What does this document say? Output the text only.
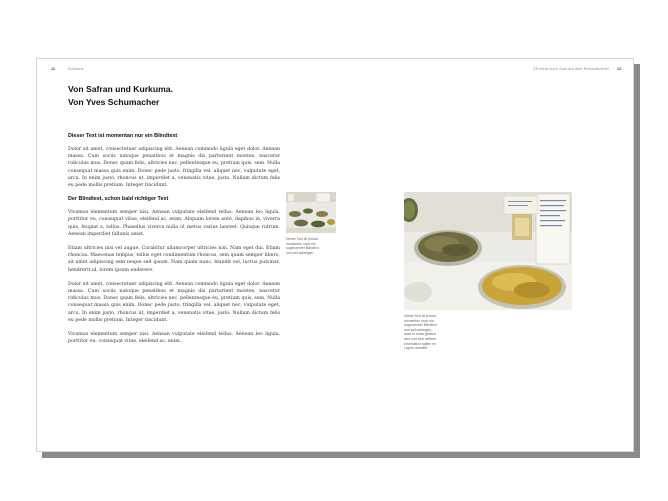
12	Kulinarik	Oft steht auch Salz auf dem Einkaufszettel 13
Von Safran und Kurkuma.
Von Yves Schumacher
Dieser Text ist momentan nur ein Blindtext

Dolor sit amet, consectetuer adipiscing elit. Aenean commodo ligula eget dolor. Aenean massa. Cum sociis natoque penatibus et magnis dis parturient montes, nascetur ridiculus mus. Donec quam felis, ultricies nec, pellentesque eu, pretium quis, sem. Nulla consequat massa quis enim. Donec pede justo, fringilla vel, aliquet nec, vulputate eget, arcu. In enim justo, rhoncus ut, imperdiet a, venenatis vitae, justo. Nullam dictum felis eu pede mollis pretium. Integer tincidunt.

Der Blindtext, schon bald richtiger Text

Vivamus elementum semper nisi. Aenean vulputate eleifend tellus. Aenean leo ligula, porttitor eu, consequat vitae, eleifend ac, enim. Aliquam lorem ante, dapibus in, viverra quis, feugiat a, tellus. Phasellus viverra nulla ut metus varius laoreet. Quisque rutrum. Aenean imperdiet fallunis amet.

Etiam ultricies nisi vel augue. Curabitur ullamcorper ultricies nisi. Nam eget dui. Etiam rhoncus. Maecenas tempus, tellus eget condimentum rhoncus, sem quam semper libero, sit amet adipiscing sem neque sed ipsum. Nam quam nunc, blandit vel, luctus pulvinar, hendrerit id, lorem ipsum enderere.

Dolor sit amet, consectetuer adipiscing elit. Aenean commodo ligula eget dolor. Aenean massa. Cum sociis natoque penatibus et magnis dis parturient montes, nascetur ridiculus mus. Donec quam felis, ultricies nec, pellentesque eu, pretium quis, sem. Nulla consequat massa quis enim. Donec pede justo, fringilla vel, aliquet nec, vulputate eget, arcu. In enim justo, rhoncus ut, imperdiet a, venenatis vitae, justo. Nullam dictum felis eu pede mollis pretium. Integer tincidunt.

Vivamus elementum semper nisi. Aenean vulputate eleifend tellus. Aenean leo ligula, porttitor eu, consequat vitae, eleifend ac, enim.

Dieser Text ist jedoch momentan noch ein sogenannter Blindtext und soll aufzeigen.

Dieser Text ist jedoch momentan noch ein sogenannter Blindtext und soll aufzeigen, dass er bloss gesetzt wird und eine weitere Information später im Layout darstellt.
